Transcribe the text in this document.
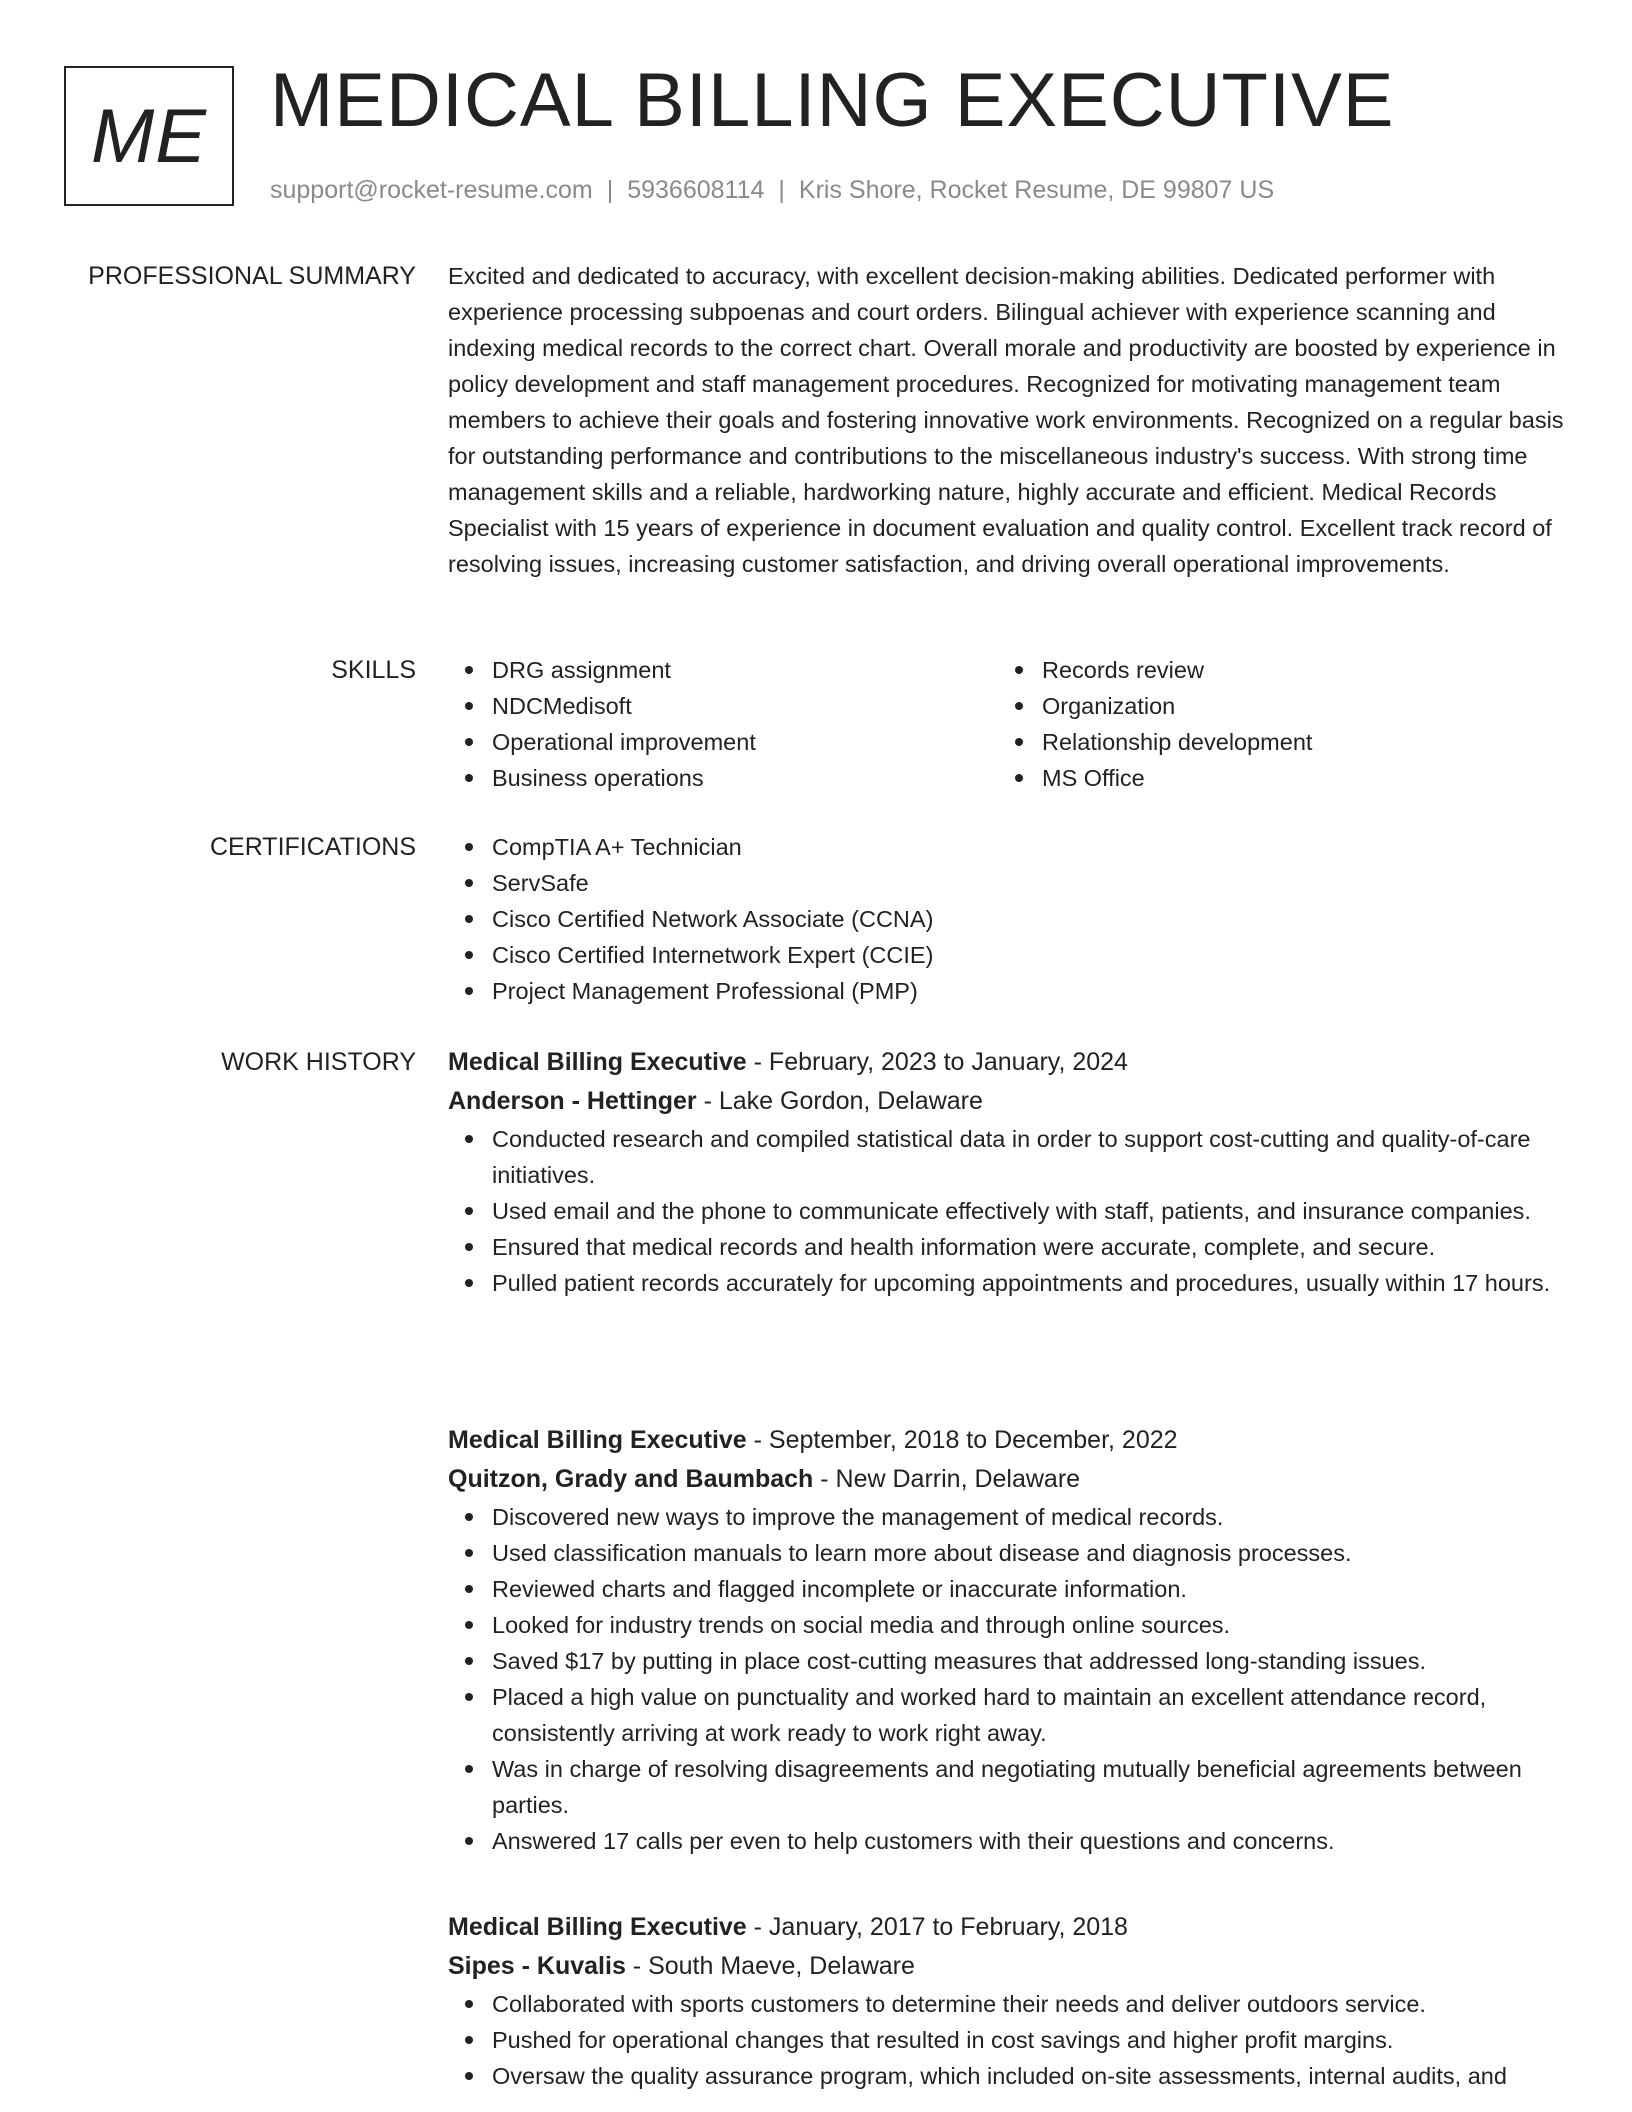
ME MEDICAL BILLING EXECUTIVE
support@rocket-resume.com | 5936608114 | Kris Shore, Rocket Resume, DE 99807 US
PROFESSIONAL SUMMARY Excited and dedicated to accuracy, with excellent decision-making abilities. Dedicated performer with experience processing subpoenas and court orders. Bilingual achiever with experience scanning and indexing medical records to the correct chart. Overall morale and productivity are boosted by experience in policy development and staff management procedures. Recognized for motivating management team members to achieve their goals and fostering innovative work environments. Recognized on a regular basis for outstanding performance and contributions to the miscellaneous industry's success. With strong time management skills and a reliable, hardworking nature, highly accurate and efficient. Medical Records Specialist with 15 years of experience in document evaluation and quality control. Excellent track record of resolving issues, increasing customer satisfaction, and driving overall operational improvements.

SKILLS	DRG assignment
NDCMedisoft
Operational improvement
Business operations
Records review
Organization
Relationship development
MS Office
CERTIFICATIONS	CompTIA A+ Technician
ServSafe
Cisco Certified Network Associate (CCNA)
Cisco Certified Internetwork Expert (CCIE)
Project Management Professional (PMP)
WORK HISTORY Medical Billing Executive - February, 2023 to January, 2024

Anderson - Hettinger - Lake Gordon, Delaware

Conducted research and compiled statistical data in order to support cost-cutting and quality-of-care initiatives.
Used email and the phone to communicate effectively with staff, patients, and insurance companies.
Ensured that medical records and health information were accurate, complete, and secure.
Pulled patient records accurately for upcoming appointments and procedures, usually within 17 hours.

Medical Billing Executive - September, 2018 to December, 2022

Quitzon, Grady and Baumbach - New Darrin, Delaware

Discovered new ways to improve the management of medical records.
Used classification manuals to learn more about disease and diagnosis processes.
Reviewed charts and flagged incomplete or inaccurate information.
Looked for industry trends on social media and through online sources.
Saved $17 by putting in place cost-cutting measures that addressed long-standing issues.
Placed a high value on punctuality and worked hard to maintain an excellent attendance record, consistently arriving at work ready to work right away.
Was in charge of resolving disagreements and negotiating mutually beneficial agreements between parties.
Answered 17 calls per even to help customers with their questions and concerns.

Medical Billing Executive - January, 2017 to February, 2018

Sipes - Kuvalis - South Maeve, Delaware

Collaborated with sports customers to determine their needs and deliver outdoors service.
Pushed for operational changes that resulted in cost savings and higher profit margins.
Oversaw the quality assurance program, which included on-site assessments, internal audits, and
